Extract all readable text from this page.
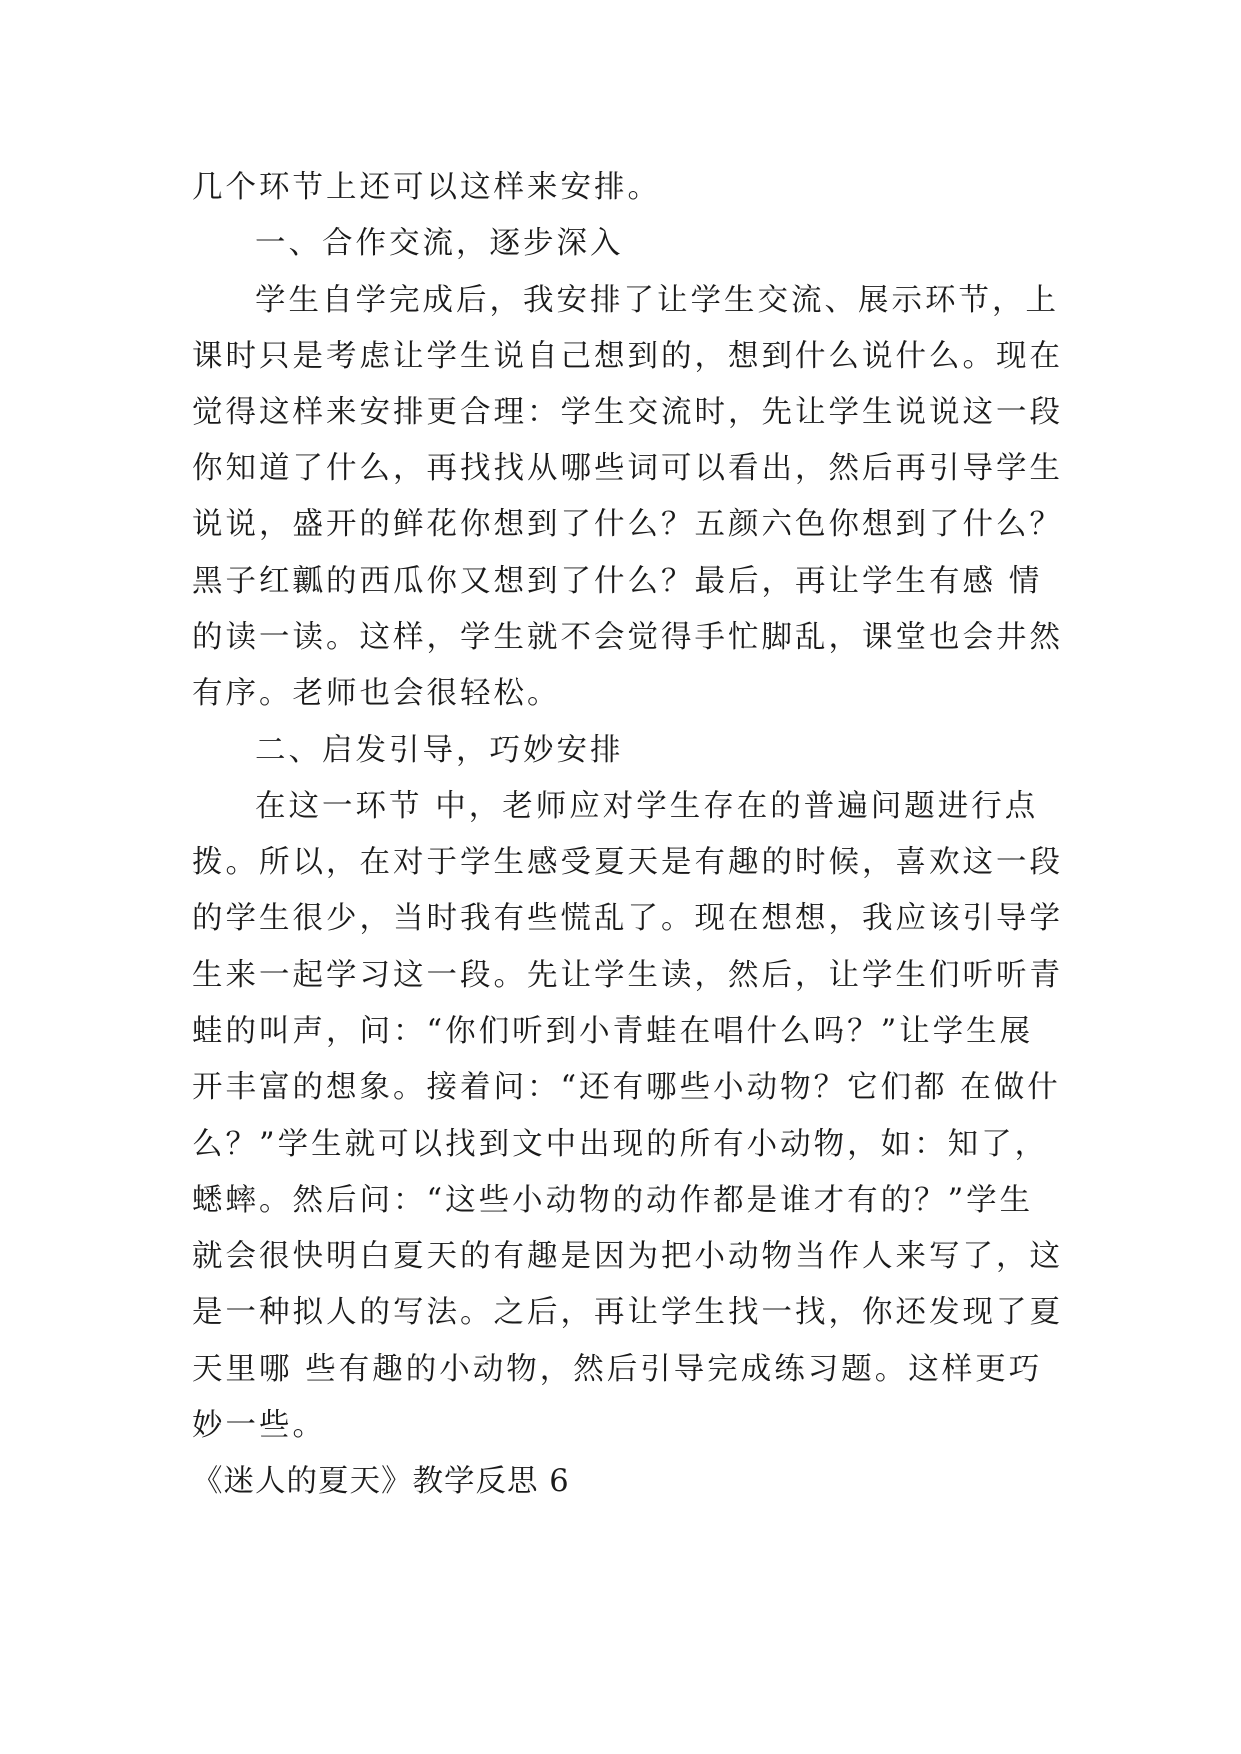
几个环节上还可以这样来安排。
一、合作交流，逐步深入
学生自学完成后，我安排了让学生交流、展示环节，上
课时只是考虑让学生说自己想到的，想到什么说什么。现在
觉得这样来安排更合理：学生交流时，先让学生说说这一段
你知道了什么，再找找从哪些词可以看出，然后再引导学生
说说，盛开的鲜花你想到了什么？五颜六色你想到了什么？
黑子红瓤的西瓜你又想到了什么？最后，再让学生有感 情
的读一读。这样，学生就不会觉得手忙脚乱，课堂也会井然
有序。老师也会很轻松。
二、启发引导，巧妙安排
在这一环节 中，老师应对学生存在的普遍问题进行点
拨。所以，在对于学生感受夏天是有趣的时候，喜欢这一段
的学生很少，当时我有些慌乱了。现在想想，我应该引导学
生来一起学习这一段。先让学生读，然后，让学生们听听青
蛙的叫声，问：“你们听到小青蛙在唱什么吗？”让学生展
开丰富的想象。接着问：“还有哪些小动物？它们都 在做什
么？”学生就可以找到文中出现的所有小动物，如：知了，
蟋蟀。然后问：“这些小动物的动作都是谁才有的？”学生
就会很快明白夏天的有趣是因为把小动物当作人来写了，这
是一种拟人的写法。之后，再让学生找一找，你还发现了夏
天里哪 些有趣的小动物，然后引导完成练习题。这样更巧
妙一些。
《迷人的夏天》教学反思 6
